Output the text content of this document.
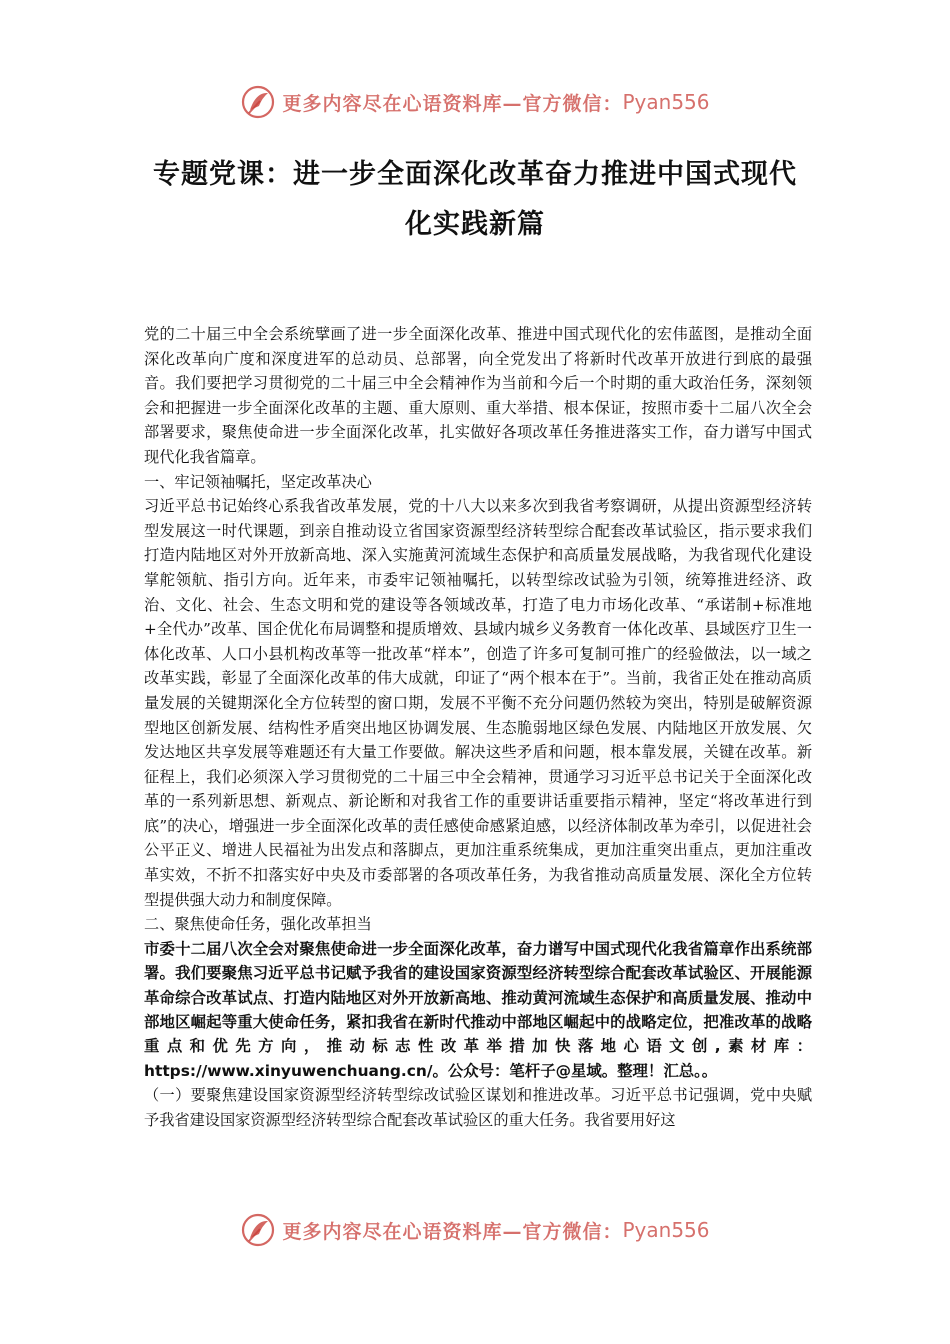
更多内容尽在心语资料库—官方微信： Pyan556
专题党课：进一步全面深化改革奋力推进中国式现代
化实践新篇

党的二十届三中全会系统擘画了进一步全面深化改革、推进中国式现代化的宏伟蓝图，是推动全面深化改革向广度和深度进军的总动员、总部署，向全党发出了将新时代改革开放进行到底的最强音。我们要把学习贯彻党的二十届三中全会精神作为当前和今后一个时期的重大政治任务，深刻领会和把握进一步全面深化改革的主题、重大原则、重大举措、根本保证，按照市委十二届八次全会部署要求，聚焦使命进一步全面深化改革，扎实做好各项改革任务推进落实工作，奋力谱写中国式现代化我省篇章。

一、牢记领袖嘱托，坚定改革决心

习近平总书记始终心系我省改革发展，党的十八大以来多次到我省考察调研，从提出资源型经济转型发展这一时代课题，到亲自推动设立省国家资源型经济转型综合配套改革试验区，指示要求我们打造内陆地区对外开放新高地、深入实施黄河流域生态保护和高质量发展战略，为我省现代化建设掌舵领航、指引方向。近年来，市委牢记领袖嘱托，以转型综改试验为引领，统筹推进经济、政治、文化、社会、生态文明和党的建设等各领域改革，打造了电力市场化改革、“承诺制+标准地+全代办”改革、国企优化布局调整和提质增效、县域内城乡义务教育一体化改革、县域医疗卫生一体化改革、人口小县机构改革等一批改革“样本”，创造了许多可复制可推广的经验做法，以一域之改革实践，彰显了全面深化改革的伟大成就，印证了“两个根本在于”。当前，我省正处在推动高质量发展的关键期深化全方位转型的窗口期，发展不平衡不充分问题仍然较为突出，特别是破解资源型地区创新发展、结构性矛盾突出地区协调发展、生态脆弱地区绿色发展、内陆地区开放发展、欠发达地区共享发展等难题还有大量工作要做。解决这些矛盾和问题，根本靠发展，关键在改革。新征程上，我们必须深入学习贯彻党的二十届三中全会精神，贯通学习习近平总书记关于全面深化改革的一系列新思想、新观点、新论断和对我省工作的重要讲话重要指示精神，坚定“将改革进行到底”的决心，增强进一步全面深化改革的责任感使命感紧迫感，以经济体制改革为牵引，以促进社会公平正义、增进人民福祉为出发点和落脚点，更加注重系统集成，更加注重突出重点，更加注重改革实效，不折不扣落实好中央及市委部署的各项改革任务，为我省推动高质量发展、深化全方位转型提供强大动力和制度保障。

二、聚焦使命任务，强化改革担当

市委十二届八次全会对聚焦使命进一步全面深化改革，奋力谱写中国式现代化我省篇章作出系统部署。我们要聚焦习近平总书记赋予我省的建设国家资源型经济转型综合配套改革试验区、开展能源革命综合改革试点、打造内陆地区对外开放新高地、推动黄河流域生态保护和高质量发展、推动中部地区崛起等重大使命任务，紧扣我省在新时代推动中部地区崛起中的战略定位，把准改革的战略重点和优先方向，推动标志性改革举措加快落地心语文创,素材库：https://www.xinyuwenchuang.cn/。公众号：笔杆子@星域。整理！汇总。。

（一）要聚焦建设国家资源型经济转型综改试验区谋划和推进改革。习近平总书记强调，党中央赋予我省建设国家资源型经济转型综合配套改革试验区的重大任务。我省要用好这

更多内容尽在心语资料库—官方微信： Pyan556
